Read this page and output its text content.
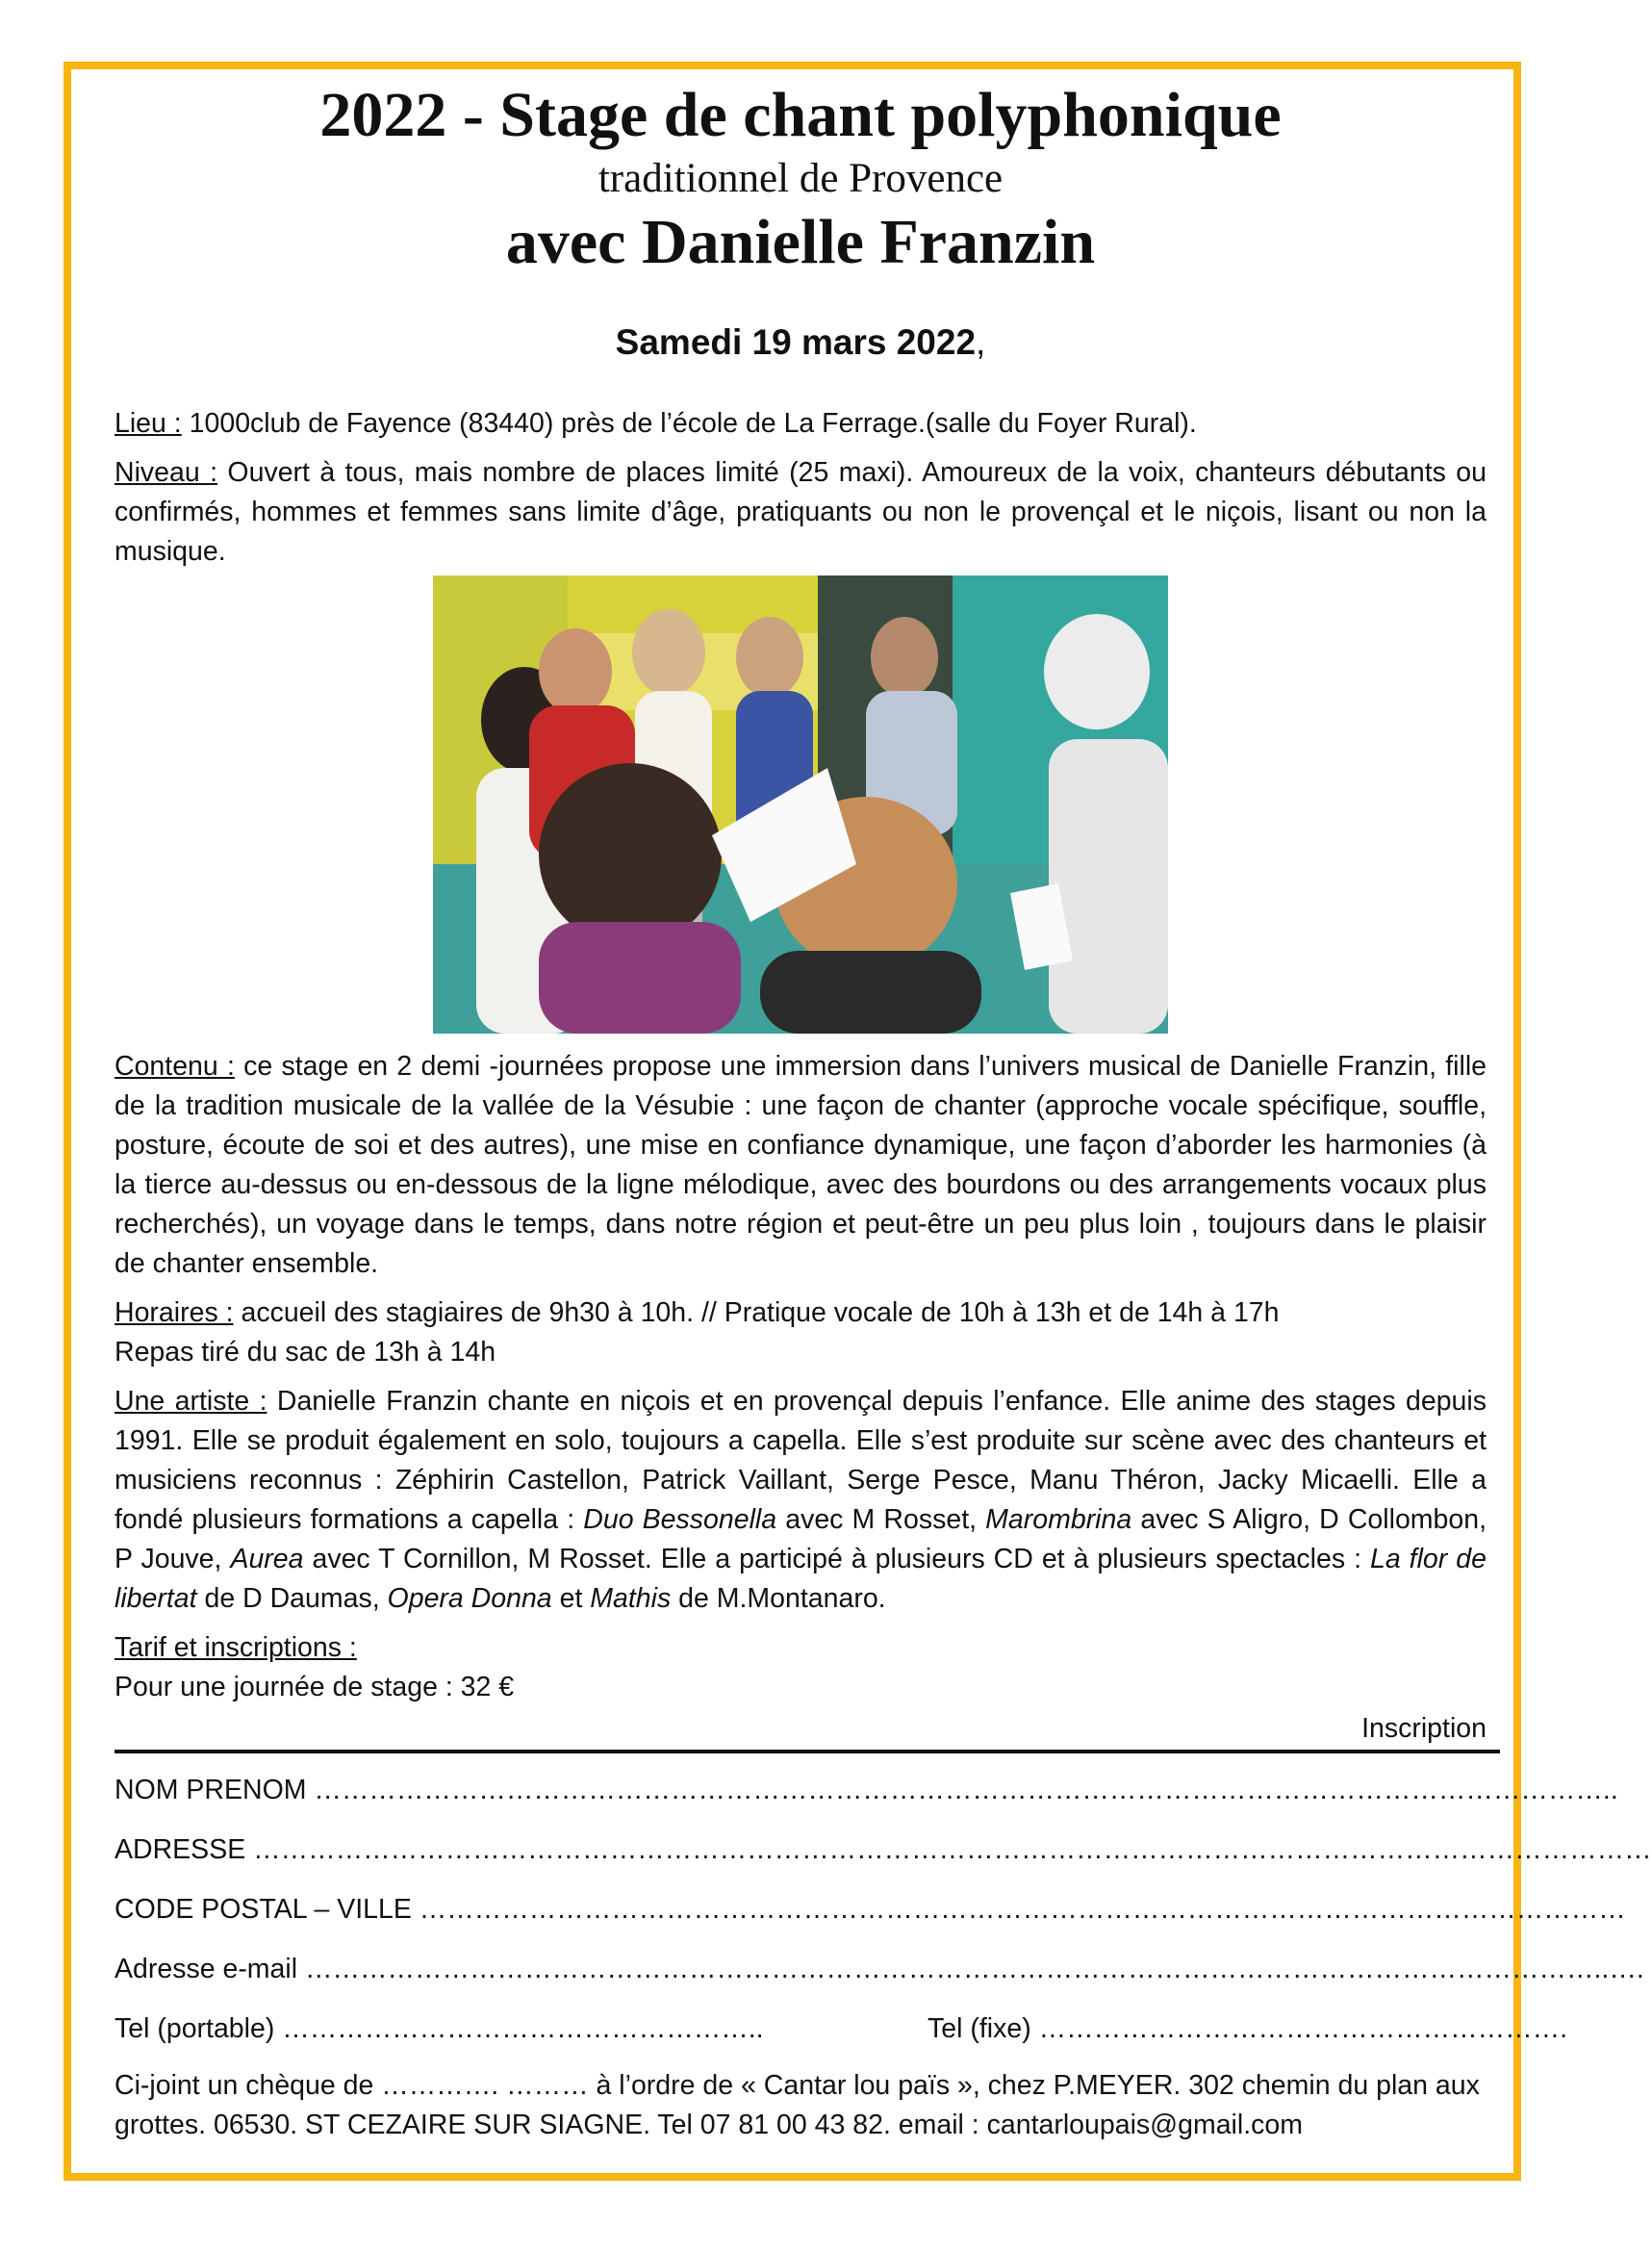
2022 - Stage de chant polyphonique

traditionnel de Provence

avec Danielle Franzin
Samedi 19 mars 2022,

Lieu : 1000club de Fayence (83440) près de l’école de La Ferrage.(salle du Foyer Rural).

Niveau : Ouvert à tous, mais nombre de places limité (25 maxi). Amoureux de la voix, chanteurs débutants ou confirmés, hommes et femmes sans limite d’âge, pratiquants ou non le provençal et le niçois, lisant ou non la musique.

Contenu : ce stage en 2 demi -journées propose une immersion dans l’univers musical de Danielle Franzin, fille de la tradition musicale de la vallée de la Vésubie : une façon de chanter (approche vocale spécifique, souffle, posture, écoute de soi et des autres), une mise en confiance dynamique, une façon d’aborder les harmonies (à la tierce au-dessus ou en-dessous de la ligne mélodique, avec des bourdons ou des arrangements vocaux plus recherchés), un voyage dans le temps, dans notre région et peut-être un peu plus loin , toujours dans le plaisir de chanter ensemble.

Horaires : accueil des stagiaires de 9h30 à 10h. // Pratique vocale de 10h à 13h et de 14h à 17h
Repas tiré du sac de 13h à 14h

Une artiste : Danielle Franzin chante en niçois et en provençal depuis l’enfance. Elle anime des stages depuis 1991. Elle se produit également en solo, toujours a capella. Elle s’est produite sur scène avec des chanteurs et musiciens reconnus : Zéphirin Castellon, Patrick Vaillant, Serge Pesce, Manu Théron, Jacky Micaelli. Elle a fondé plusieurs formations a capella : Duo Bessonella avec M Rosset, Marombrina avec S Aligro, D Collombon, P Jouve, Aurea avec T Cornillon, M Rosset. Elle a participé à plusieurs CD et à plusieurs spectacles : La flor de libertat de D Daumas, Opera Donna et Mathis de M.Montanaro.

Tarif et inscriptions :
Pour une journée de stage : 32 €

Inscription
NOM PRENOM ……………………………………………………………………………………………………………………………..
ADRESSE ………………………………………………………………………………………………………………………………………
CODE POSTAL – VILLE ……………………………………………………………………………………………………………………
Adresse e-mail ……………………………………………………………………………………………………………………………..….
Tel (portable) ……………………………………………..	Tel (fixe) ………………………………………………….

Ci-joint un chèque de …………. ……… à l’ordre de « Cantar lou païs », chez P.MEYER. 302 chemin du plan aux grottes. 06530. ST CEZAIRE SUR SIAGNE. Tel 07 81 00 43 82. email : cantarloupais@gmail.com
